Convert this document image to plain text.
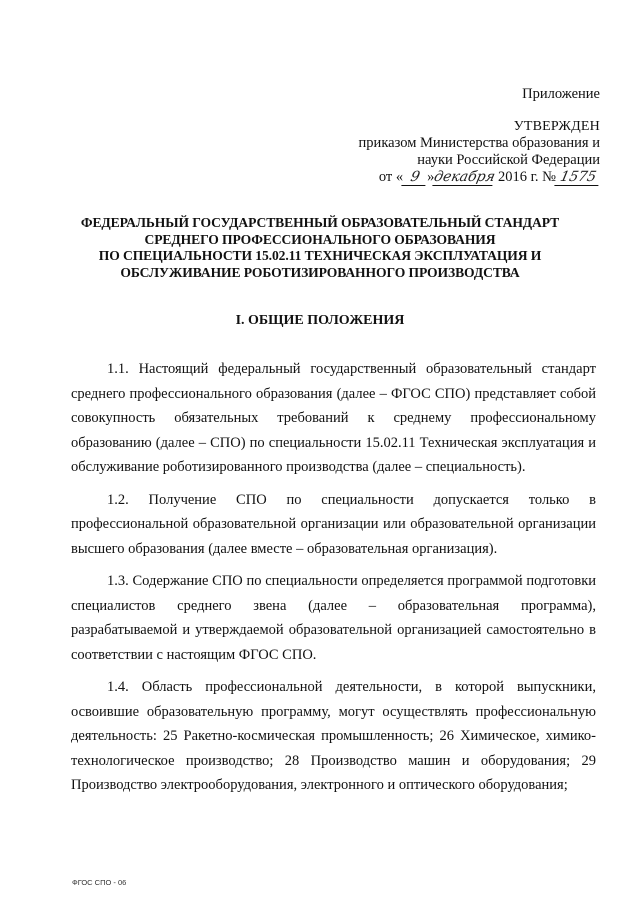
Приложение
УТВЕРЖДЕН
приказом Министерства образования и
науки Российской Федерации
от « 9 »декабря 2016 г. № 1575
ФЕДЕРАЛЬНЫЙ ГОСУДАРСТВЕННЫЙ ОБРАЗОВАТЕЛЬНЫЙ СТАНДАРТ
СРЕДНЕГО ПРОФЕССИОНАЛЬНОГО ОБРАЗОВАНИЯ
ПО СПЕЦИАЛЬНОСТИ 15.02.11 ТЕХНИЧЕСКАЯ ЭКСПЛУАТАЦИЯ И
ОБСЛУЖИВАНИЕ РОБОТИЗИРОВАННОГО ПРОИЗВОДСТВА
I. ОБЩИЕ ПОЛОЖЕНИЯ

1.1. Настоящий федеральный государственный образовательный стандарт среднего профессионального образования (далее – ФГОС СПО) представляет собой совокупность обязательных требований к среднему профессиональному образованию (далее – СПО) по специальности 15.02.11 Техническая эксплуатация и обслуживание роботизированного производства (далее – специальность).

1.2. Получение СПО по специальности допускается только в профессиональной образовательной организации или образовательной организации высшего образования (далее вместе – образовательная организация).

1.3. Содержание СПО по специальности определяется программой подготовки специалистов среднего звена (далее – образовательная программа), разрабатываемой и утверждаемой образовательной организацией самостоятельно в соответствии с настоящим ФГОС СПО.

1.4. Область профессиональной деятельности, в которой выпускники, освоившие образовательную программу, могут осуществлять профессиональную деятельность: 25 Ракетно-космическая промышленность; 26 Химическое, химико-технологическое производство; 28 Производство машин и оборудования; 29 Производство электрооборудования, электронного и оптического оборудования;

ФГОС СПО - 06
